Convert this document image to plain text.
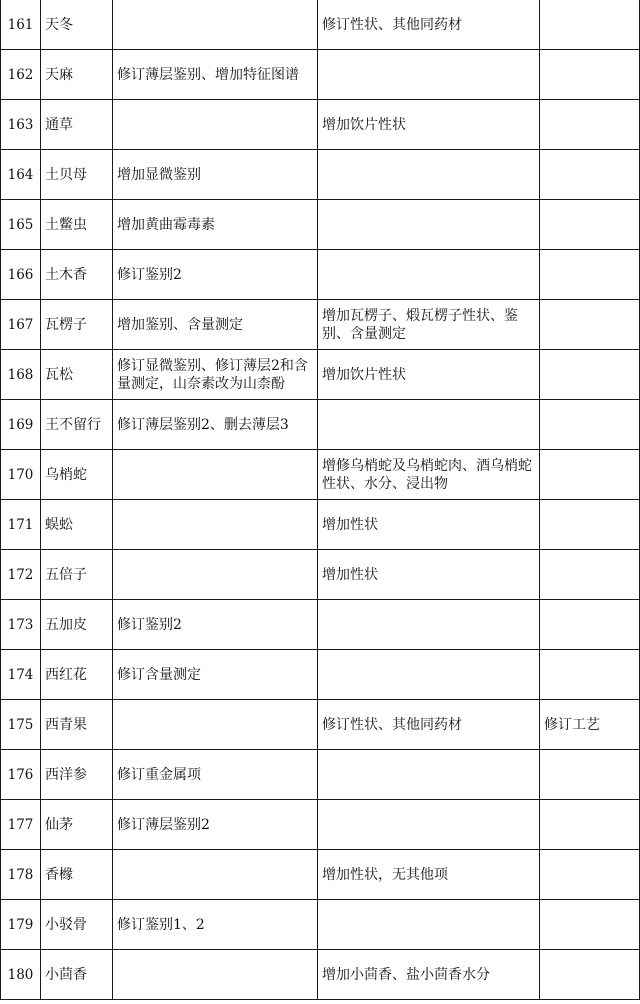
161	天冬		修订性状、其他同药材	
162	天麻	修订薄层鉴别、增加特征图谱		
163	通草		增加饮片性状	
164	土贝母	增加显微鉴别		
165	土鳖虫	增加黄曲霉毒素		
166	土木香	修订鉴别2		
167	瓦楞子	增加鉴别、含量测定	增加瓦楞子、煅瓦楞子性状、鉴别、含量测定	
168	瓦松	修订显微鉴别、修订薄层2和含量测定，山奈素改为山柰酚	增加饮片性状	
169	王不留行	修订薄层鉴别2、删去薄层3		
170	乌梢蛇		增修乌梢蛇及乌梢蛇肉、酒乌梢蛇性状、水分、浸出物	
171	蜈蚣		增加性状	
172	五倍子		增加性状	
173	五加皮	修订鉴别2		
174	西红花	修订含量测定		
175	西青果		修订性状、其他同药材	修订工艺
176	西洋参	修订重金属项		
177	仙茅	修订薄层鉴别2		
178	香橼		增加性状，无其他项	
179	小驳骨	修订鉴别1、2		
180	小茴香		增加小茴香、盐小茴香水分	
